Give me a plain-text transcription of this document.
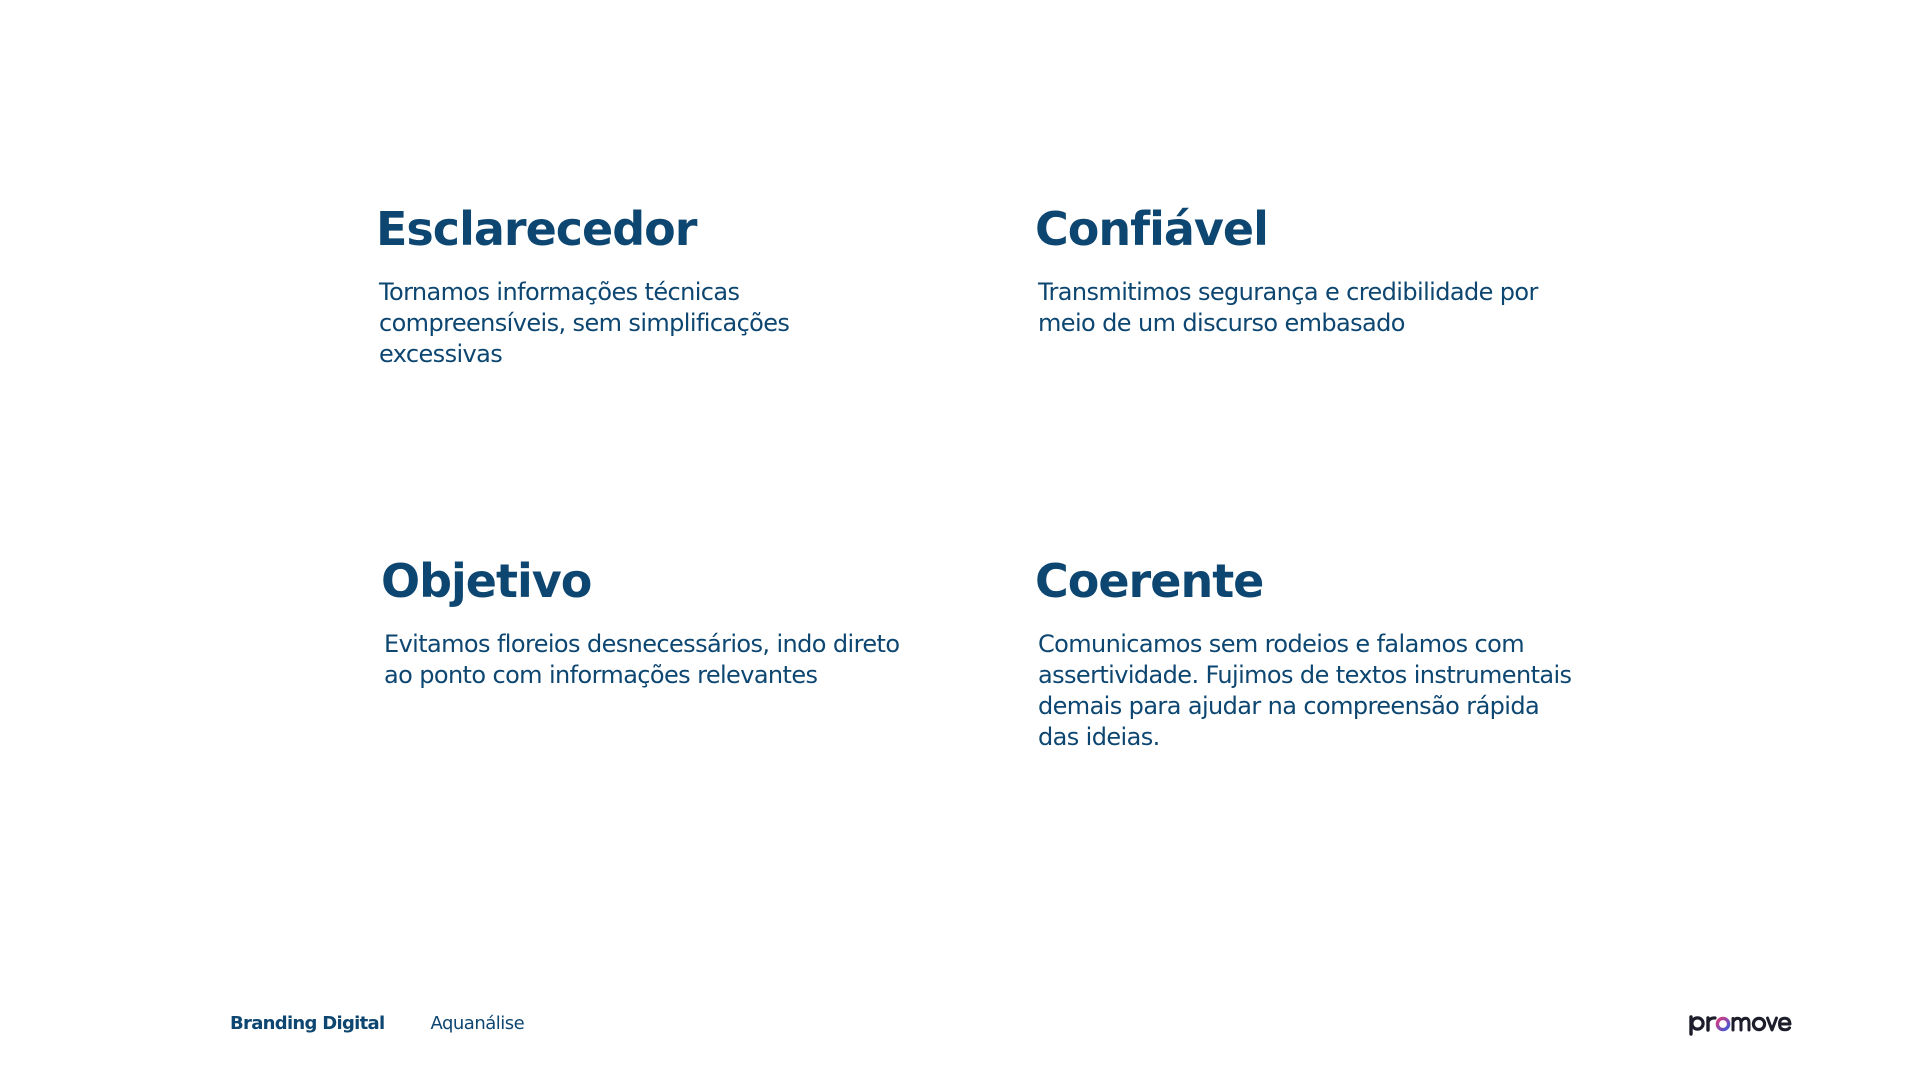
Esclarecedor

Tornamos informações técnicas compreensíveis, sem simplificações excessivas

Confiável

Transmitimos segurança e credibilidade por meio de um discurso embasado

Objetivo

Evitamos floreios desnecessários, indo direto ao ponto com informações relevantes

Coerente

Comunicamos sem rodeios e falamos com assertividade. Fujimos de textos instrumentais demais para ajudar na compreensão rápida das ideias.

Branding Digital	Aquanálise
